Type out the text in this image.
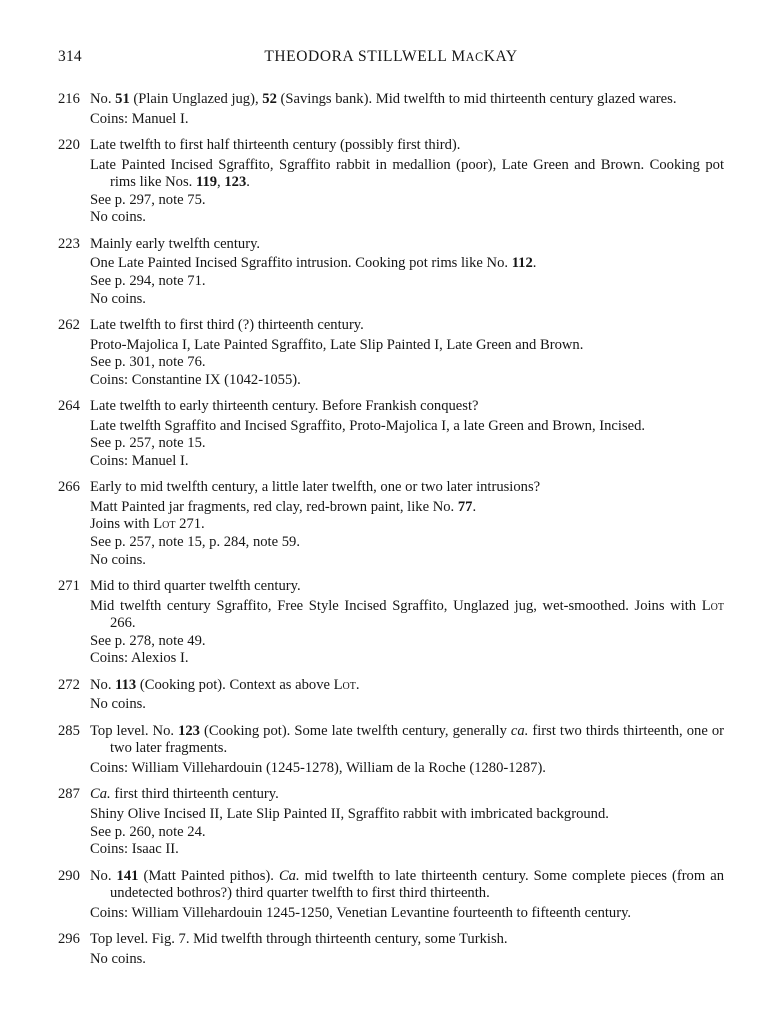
314	THEODORA STILLWELL MACKAY
216 No. 51 (Plain Unglazed jug), 52 (Savings bank). Mid twelfth to mid thirteenth century glazed wares.
Coins: Manuel I.
220 Late twelfth to first half thirteenth century (possibly first third).
Late Painted Incised Sgraffito, Sgraffito rabbit in medallion (poor), Late Green and Brown. Cooking pot rims like Nos. 119, 123.
See p. 297, note 75.
No coins.
223 Mainly early twelfth century.
One Late Painted Incised Sgraffito intrusion. Cooking pot rims like No. 112.
See p. 294, note 71.
No coins.
262 Late twelfth to first third (?) thirteenth century.
Proto-Majolica I, Late Painted Sgraffito, Late Slip Painted I, Late Green and Brown.
See p. 301, note 76.
Coins: Constantine IX (1042-1055).
264 Late twelfth to early thirteenth century. Before Frankish conquest?
Late twelfth Sgraffito and Incised Sgraffito, Proto-Majolica I, a late Green and Brown, Incised.
See p. 257, note 15.
Coins: Manuel I.
266 Early to mid twelfth century, a little later twelfth, one or two later intrusions?
Matt Painted jar fragments, red clay, red-brown paint, like No. 77.
Joins with Lot 271.
See p. 257, note 15, p. 284, note 59.
No coins.
271 Mid to third quarter twelfth century.
Mid twelfth century Sgraffito, Free Style Incised Sgraffito, Unglazed jug, wet-smoothed. Joins with Lot 266.
See p. 278, note 49.
Coins: Alexios I.
272 No. 113 (Cooking pot). Context as above Lot.
No coins.
285 Top level. No. 123 (Cooking pot). Some late twelfth century, generally ca. first two thirds thirteenth, one or two later fragments.
Coins: William Villehardouin (1245-1278), William de la Roche (1280-1287).
287 Ca. first third thirteenth century.
Shiny Olive Incised II, Late Slip Painted II, Sgraffito rabbit with imbricated background.
See p. 260, note 24.
Coins: Isaac II.
290 No. 141 (Matt Painted pithos). Ca. mid twelfth to late thirteenth century. Some complete pieces (from an undetected bothros?) third quarter twelfth to first third thirteenth.
Coins: William Villehardouin 1245-1250, Venetian Levantine fourteenth to fifteenth century.
296 Top level. Fig. 7. Mid twelfth through thirteenth century, some Turkish.
No coins.
